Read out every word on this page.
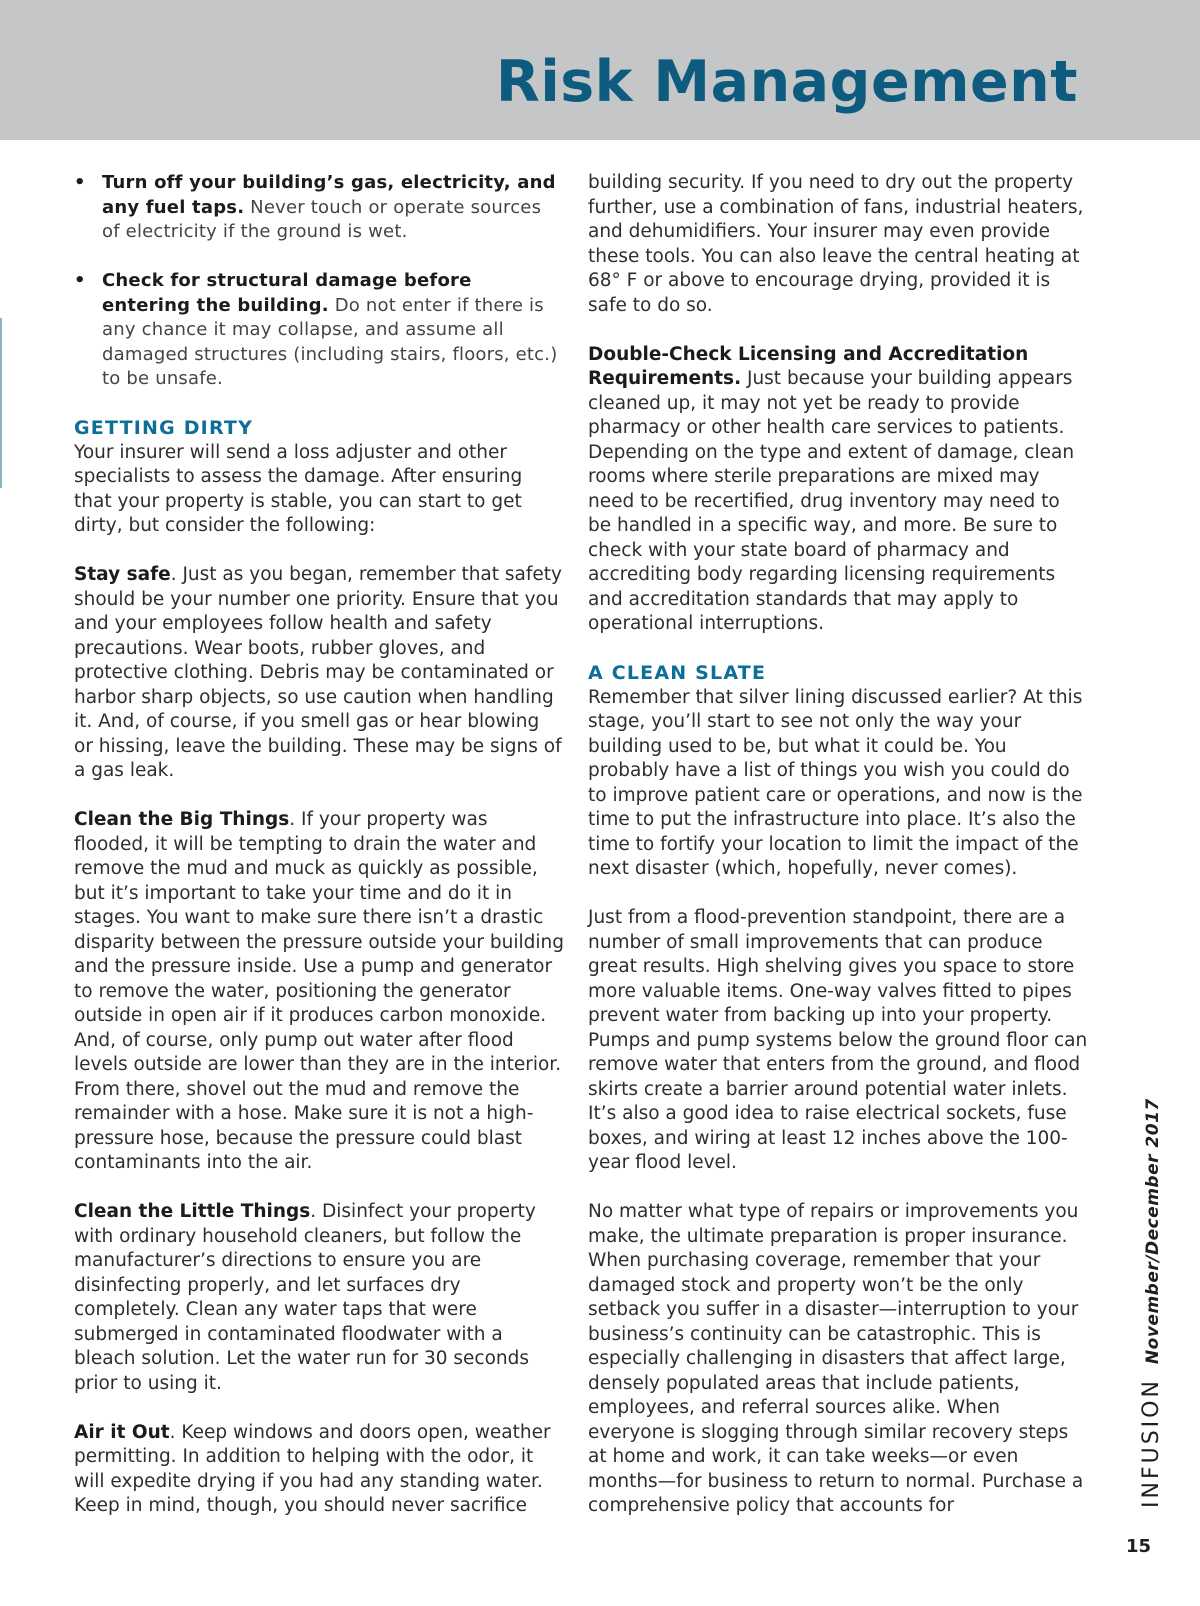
Risk Management
• Turn off your building’s gas, electricity, and any fuel taps. Never touch or operate sources of electricity if the ground is wet.
• Check for structural damage before entering the building. Do not enter if there is any chance it may collapse, and assume all damaged structures (including stairs, floors, etc.) to be unsafe.
GETTING DIRTY

Your insurer will send a loss adjuster and other specialists to assess the damage. After ensuring that your property is stable, you can start to get dirty, but consider the following:

Stay safe. Just as you began, remember that safety should be your number one priority. Ensure that you and your employees follow health and safety precautions. Wear boots, rubber gloves, and protective clothing. Debris may be contaminated or harbor sharp objects, so use caution when handling it. And, of course, if you smell gas or hear blowing or hissing, leave the building. These may be signs of a gas leak.

Clean the Big Things. If your property was flooded, it will be tempting to drain the water and remove the mud and muck as quickly as possible, but it’s important to take your time and do it in stages. You want to make sure there isn’t a drastic disparity between the pressure outside your building and the pressure inside. Use a pump and generator to remove the water, positioning the generator outside in open air if it produces carbon monoxide. And, of course, only pump out water after flood levels outside are lower than they are in the interior. From there, shovel out the mud and remove the remainder with a hose. Make sure it is not a high-pressure hose, because the pressure could blast contaminants into the air.

Clean the Little Things. Disinfect your property with ordinary household cleaners, but follow the manufacturer’s directions to ensure you are disinfecting properly, and let surfaces dry completely. Clean any water taps that were submerged in contaminated floodwater with a bleach solution. Let the water run for 30 seconds prior to using it.

Air it Out. Keep windows and doors open, weather permitting. In addition to helping with the odor, it will expedite drying if you had any standing water. Keep in mind, though, you should never sacrifice

building security. If you need to dry out the property further, use a combination of fans, industrial heaters, and dehumidifiers. Your insurer may even provide these tools. You can also leave the central heating at 68° F or above to encourage drying, provided it is safe to do so.

Double-Check Licensing and Accreditation Requirements. Just because your building appears cleaned up, it may not yet be ready to provide pharmacy or other health care services to patients. Depending on the type and extent of damage, clean rooms where sterile preparations are mixed may need to be recertified, drug inventory may need to be handled in a specific way, and more. Be sure to check with your state board of pharmacy and accrediting body regarding licensing requirements and accreditation standards that may apply to operational interruptions.

A CLEAN SLATE

Remember that silver lining discussed earlier? At this stage, you’ll start to see not only the way your building used to be, but what it could be. You probably have a list of things you wish you could do to improve patient care or operations, and now is the time to put the infrastructure into place. It’s also the time to fortify your location to limit the impact of the next disaster (which, hopefully, never comes).

Just from a flood-prevention standpoint, there are a number of small improvements that can produce great results. High shelving gives you space to store more valuable items. One-way valves fitted to pipes prevent water from backing up into your property. Pumps and pump systems below the ground floor can remove water that enters from the ground, and flood skirts create a barrier around potential water inlets. It’s also a good idea to raise electrical sockets, fuse boxes, and wiring at least 12 inches above the 100-year flood level.

No matter what type of repairs or improvements you make, the ultimate preparation is proper insurance. When purchasing coverage, remember that your damaged stock and property won’t be the only setback you suffer in a disaster—interruption to your business’s continuity can be catastrophic. This is especially challenging in disasters that affect large, densely populated areas that include patients, employees, and referral sources alike. When everyone is slogging through similar recovery steps at home and work, it can take weeks—or even months—for business to return to normal. Purchase a comprehensive policy that accounts for	INFUSIONNovember/December 2017

15
